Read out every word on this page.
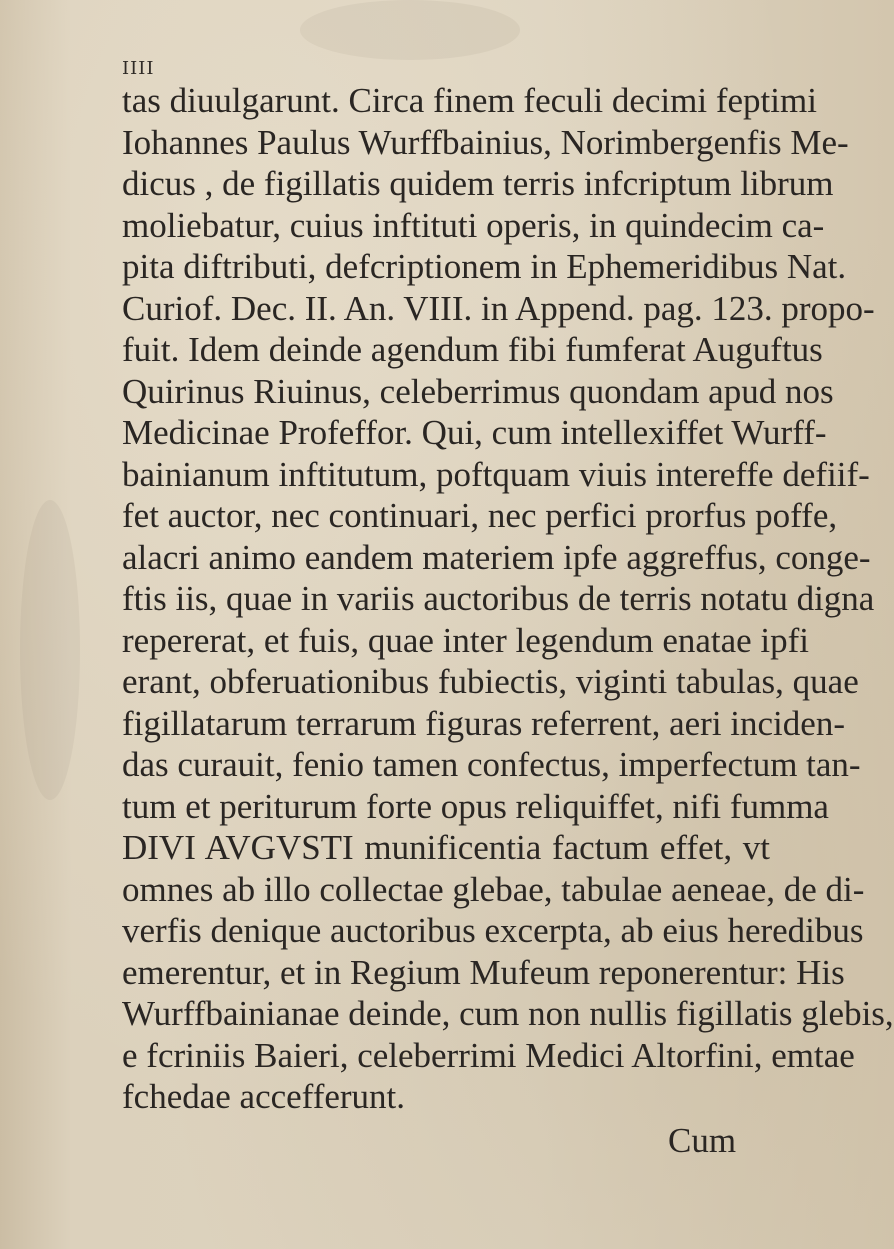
IIII
tas diuulgarunt. Circa finem feculi decimi feptimi
Iohannes Paulus Wurffbainius, Norimbergenfis Me-
dicus , de figillatis quidem terris infcriptum librum
moliebatur, cuius inftituti operis, in quindecim ca-
pita diftributi, defcriptionem in Ephemeridibus Nat.
Curiof. Dec. II. An. VIII. in Append. pag. 123. propo-
fuit. Idem deinde agendum fibi fumferat Auguftus
Quirinus Riuinus, celeberrimus quondam apud nos
Medicinae Profeffor. Qui, cum intellexiffet Wurff-
bainianum inftitutum, poftquam viuis intereffe defiif-
fet auctor, nec continuari, nec perfici prorfus poffe,
alacri animo eandem materiem ipfe aggreffus, conge-
ftis iis, quae in variis auctoribus de terris notatu digna
repererat, et fuis, quae inter legendum enatae ipfi
erant, obferuationibus fubiectis, viginti tabulas, quae
figillatarum terrarum figuras referrent, aeri inciden-
das curauit, fenio tamen confectus, imperfectum tan-
tum et periturum forte opus reliquiffet, nifi fumma
DIVI AVGVSTI munificentia factum effet, vt
omnes ab illo collectae glebae, tabulae aeneae, de di-
verfis denique auctoribus excerpta, ab eius heredibus
emerentur, et in Regium Mufeum reponerentur: His
Wurffbainianae deinde, cum non nullis figillatis glebis,
e fcriniis Baieri, celeberrimi Medici Altorfini, emtae
fchedae accefferunt.
Cum
